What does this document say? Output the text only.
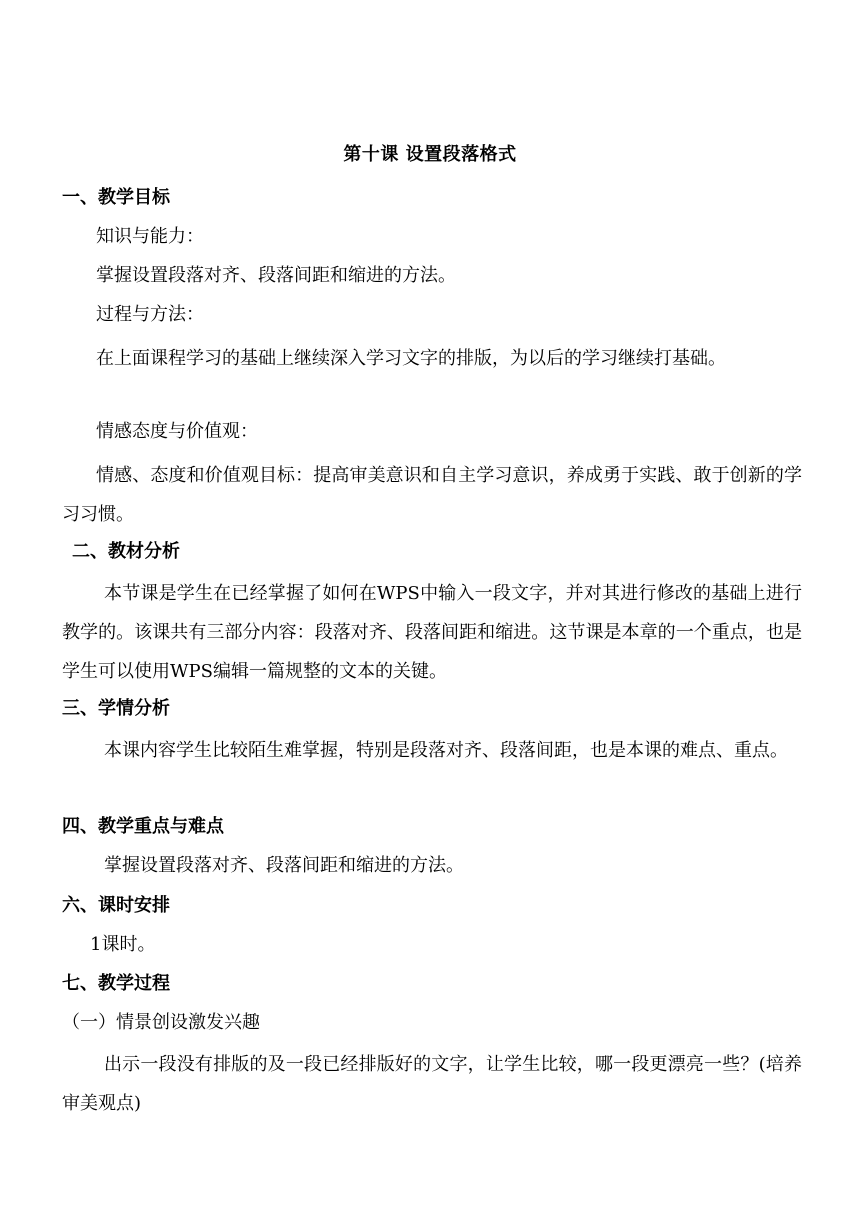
第十课 设置段落格式
一、教学目标
知识与能力：
掌握设置段落对齐、段落间距和缩进的方法。
过程与方法：
在上面课程学习的基础上继续深入学习文字的排版，为以后的学习继续打基础。
情感态度与价值观：
情感、态度和价值观目标：提高审美意识和自主学习意识，养成勇于实践、敢于创新的学习习惯。
二、教材分析
本节课是学生在已经掌握了如何在WPS中输入一段文字，并对其进行修改的基础上进行教学的。该课共有三部分内容：段落对齐、段落间距和缩进。这节课是本章的一个重点，也是学生可以使用WPS编辑一篇规整的文本的关键。
三、学情分析
本课内容学生比较陌生难掌握，特别是段落对齐、段落间距，也是本课的难点、重点。
四、教学重点与难点
掌握设置段落对齐、段落间距和缩进的方法。
六、课时安排
1课时。
七、教学过程
（一）情景创设激发兴趣
出示一段没有排版的及一段已经排版好的文字，让学生比较，哪一段更漂亮一些？(培养审美观点)
